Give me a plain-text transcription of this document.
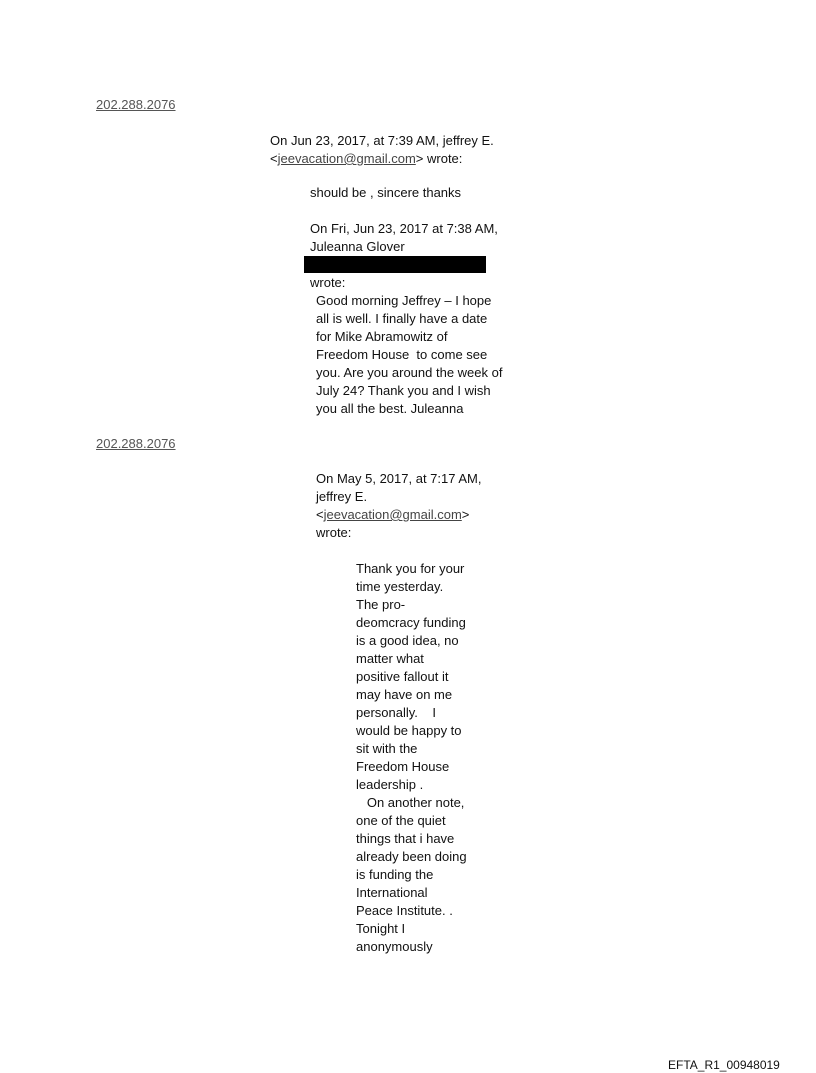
202.288.2076
On Jun 23, 2017, at 7:39 AM, jeffrey E.
<jeevacation@gmail.com> wrote:
should be , sincere thanks
On Fri, Jun 23, 2017 at 7:38 AM,
Juleanna Glover
wrote:
Good morning Jeffrey – I hope
all is well. I finally have a date
for Mike Abramowitz of
Freedom House  to come see
you. Are you around the week of
July 24? Thank you and I wish
you all the best. Juleanna
202.288.2076
On May 5, 2017, at 7:17 AM,
jeffrey E.
<jeevacation@gmail.com>
wrote:
Thank you for your
time yesterday.
The pro-
deomcracy funding
is a good idea, no
matter what
positive fallout it
may have on me
personally.    I
would be happy to
sit with the
Freedom House
leadership .
On another note,
one of the quiet
things that i have
already been doing
is funding the
International
Peace Institute. .
Tonight I
anonymously
EFTA_R1_00948019
